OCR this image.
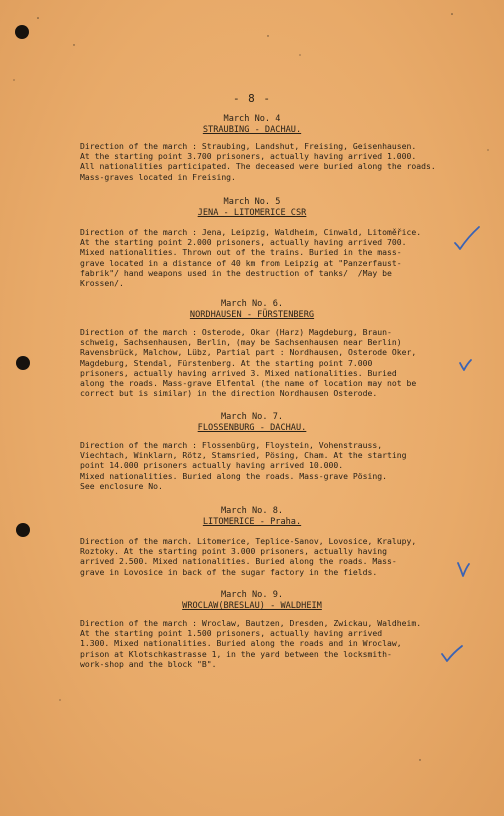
- 8 -
March No. 4
STRAUBING - DACHAU.
Direction of the march : Straubing, Landshut, Freising, Geisenhausen.
At the starting point 3.700 prisoners, actually having arrived 1.000.
All nationalities participated. The deceased were buried along the roads.
Mass-graves located in Freising.
March No. 5
JENA - LITOMERICE CSR
Direction of the march : Jena, Leipzig, Waldheim, Cinwald, Litoměřice.
At the starting point 2.000 prisoners, actually having arrived 700.
Mixed nationalities. Thrown out of the trains. Buried in the mass-
grave located in a distance of 40 km from Leipzig at "Panzerfaust-
fabrik"/ hand weapons used in the destruction of tanks/  /May be
Krossen/.
March No. 6.
NORDHAUSEN - FÜRSTENBERG
Direction of the march : Osterode, Okar (Harz) Magdeburg, Braun-
schweig, Sachsenhausen, Berlin, (may be Sachsenhausen near Berlin)
Ravensbrück, Malchow, Lübz, Partial part : Nordhausen, Osterode Oker,
Magdeburg, Stendal, Fürstenberg. At the starting point 7.000
prisoners, actually having arrived 3. Mixed nationalities. Buried
along the roads. Mass-grave Elfental (the name of location may not be
correct but is similar) in the direction Nordhausen Osterode.
March No. 7.
FLOSSENBURG - DACHAU.
Direction of the march : Flossenbürg, Floystein, Vohenstrauss,
Viechtach, Winklarn, Rötz, Stamsried, Pösing, Cham. At the starting
point 14.000 prisoners actually having arrived 10.000.
Mixed nationalities. Buried along the roads. Mass-grave Pösing.
See enclosure No.
March No. 8.
LITOMERICE - Praha.
Direction of the march. Litomerice, Teplice-Sanov, Lovosice, Kralupy,
Roztoky. At the starting point 3.000 prisoners, actually having
arrived 2.500. Mixed nationalities. Buried along the roads. Mass-
grave in Lovosice in back of the sugar factory in the fields.
March No. 9.
WROCLAW(BRESLAU) - WALDHEIM
Direction of the march : Wroclaw, Bautzen, Dresden, Zwickau, Waldheim.
At the starting point 1.500 prisoners, actually having arrived
1.300. Mixed nationalities. Buried along the roads and in Wroclaw,
prison at Klotschkastrasse 1, in the yard between the locksmith-
work-shop and the block "B".
